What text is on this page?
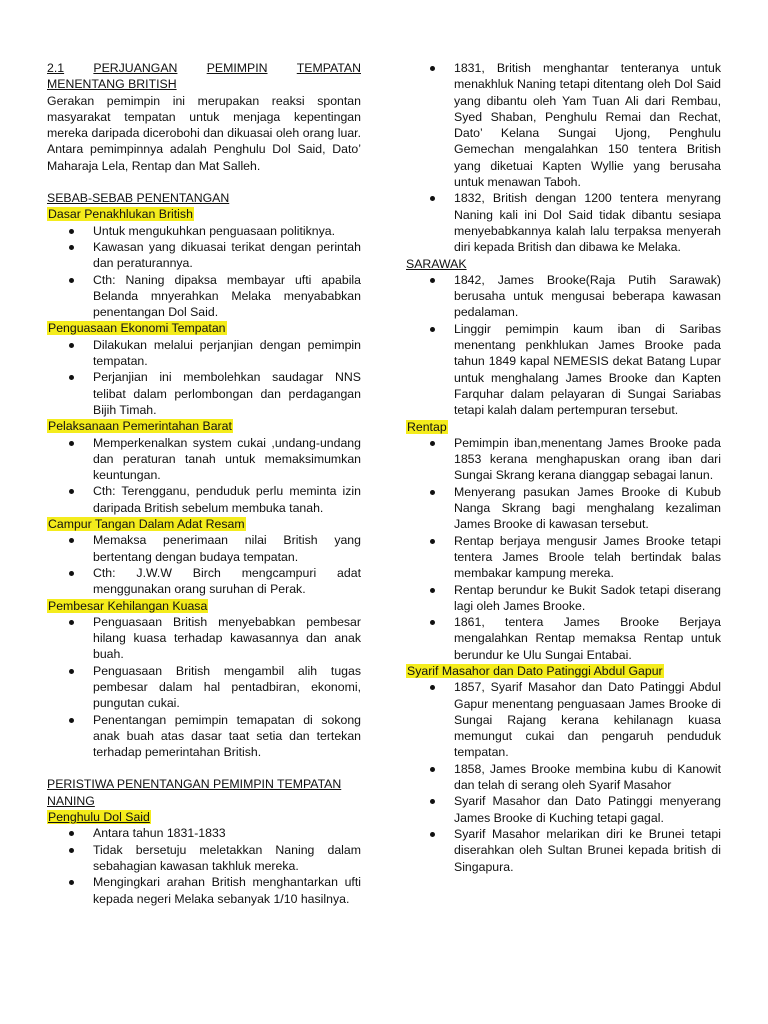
2.1 PERJUANGAN PEMIMPIN TEMPATAN
MENENTANG BRITISH

Gerakan pemimpin ini merupakan reaksi spontan masyarakat tempatan untuk menjaga kepentingan mereka daripada dicerobohi dan dikuasai oleh orang luar. Antara pemimpinnya adalah Penghulu Dol Said, Dato’ Maharaja Lela, Rentap dan Mat Salleh.

SEBAB-SEBAB PENENTANGAN
Dasar Penakhlukan British
Untuk mengukuhkan penguasaan politiknya.
Kawasan yang dikuasai terikat dengan perintah dan peraturannya.
Cth: Naning dipaksa membayar ufti apabila Belanda mnyerahkan Melaka menyababkan penentangan Dol Said.
Penguasaan Ekonomi Tempatan
Dilakukan melalui perjanjian dengan pemimpin tempatan.
Perjanjian ini membolehkan saudagar NNS telibat dalam perlombongan dan perdagangan Bijih Timah.
Pelaksanaan Pemerintahan Barat
Memperkenalkan system cukai ,undang-undang dan peraturan tanah untuk memaksimumkan keuntungan.
Cth: Terengganu, penduduk perlu meminta izin daripada British sebelum membuka tanah.
Campur Tangan Dalam Adat Resam
Memaksa penerimaan nilai British yang bertentang dengan budaya tempatan.
Cth: J.W.W Birch mengcampuri adat menggunakan orang suruhan di Perak.
Pembesar Kehilangan Kuasa
Penguasaan British menyebabkan pembesar hilang kuasa terhadap kawasannya dan anak buah.
Penguasaan British mengambil alih tugas pembesar dalam hal pentadbiran, ekonomi, pungutan cukai.
Penentangan pemimpin temapatan di sokong anak buah atas dasar taat setia dan tertekan terhadap pemerintahan British.
PERISTIWA PENENTANGAN PEMIMPIN TEMPATAN NANING
Penghulu Dol Said
Antara tahun 1831-1833
Tidak bersetuju meletakkan Naning dalam sebahagian kawasan takhluk mereka.
Mengingkari arahan British menghantarkan ufti kepada negeri Melaka sebanyak 1/10 hasilnya.
1831, British menghantar tenteranya untuk menakhluk Naning tetapi ditentang oleh Dol Said yang dibantu oleh Yam Tuan Ali dari Rembau, Syed Shaban, Penghulu Remai dan Rechat, Dato’ Kelana Sungai Ujong, Penghulu Gemechan mengalahkan 150 tentera British yang diketuai Kapten Wyllie yang berusaha untuk menawan Taboh.
1832, British dengan 1200 tentera menyrang Naning kali ini Dol Said tidak dibantu sesiapa menyebabkannya kalah lalu terpaksa menyerah diri kepada British dan dibawa ke Melaka.
SARAWAK
1842, James Brooke(Raja Putih Sarawak) berusaha untuk mengusai beberapa kawasan pedalaman.
Linggir pemimpin kaum iban di Saribas menentang penkhlukan James Brooke pada tahun 1849 kapal NEMESIS dekat Batang Lupar untuk menghalang James Brooke dan Kapten Farquhar dalam pelayaran di Sungai Sariabas tetapi kalah dalam pertempuran tersebut.
Rentap
Pemimpin iban,menentang James Brooke pada 1853 kerana menghapuskan orang iban dari Sungai Skrang kerana dianggap sebagai lanun.
Menyerang pasukan James Brooke di Kubub Nanga Skrang bagi menghalang kezaliman James Brooke di kawasan tersebut.
Rentap berjaya mengusir James Brooke tetapi tentera James Broole telah bertindak balas membakar kampung mereka.
Rentap berundur ke Bukit Sadok tetapi diserang lagi oleh James Brooke.
1861, tentera James Brooke Berjaya mengalahkan Rentap memaksa Rentap untuk berundur ke Ulu Sungai Entabai.
Syarif Masahor dan Dato Patinggi Abdul Gapur
1857, Syarif Masahor dan Dato Patinggi Abdul Gapur menentang penguasaan James Brooke di Sungai Rajang kerana kehilanagn kuasa memungut cukai dan pengaruh penduduk tempatan.
1858, James Brooke membina kubu di Kanowit dan telah di serang oleh Syarif Masahor
Syarif Masahor dan Dato Patinggi menyerang James Brooke di Kuching tetapi gagal.
Syarif Masahor melarikan diri ke Brunei tetapi diserahkan oleh Sultan Brunei kepada british di Singapura.
